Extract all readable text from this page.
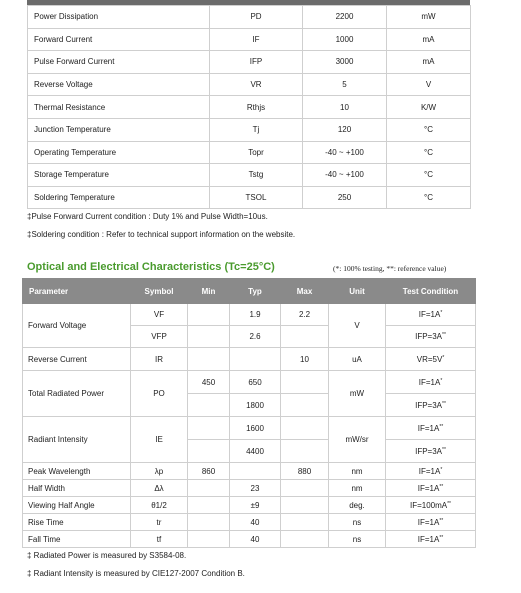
Power Dissipation	PD	2200	mW
Forward Current	IF	1000	mA
Pulse Forward Current	IFP	3000	mA
Reverse Voltage	VR	5	V
Thermal Resistance	Rthjs	10	K/W
Junction Temperature	Tj	120	°C
Operating Temperature	Topr	-40 ~ +100	°C
Storage Temperature	Tstg	-40 ~ +100	°C
Soldering Temperature	TSOL	250	°C
‡Pulse Forward Current condition : Duty 1% and Pulse Width=10us.
‡Soldering condition : Refer to technical support information on the website.
Optical and Electrical Characteristics (Tc=25°C)	(*: 100% testing, **: reference value)
Parameter	Symbol	Min	Typ	Max	Unit	Test Condition
Forward Voltage	VF		1.9	2.2	V	IF=1A*
	VFP		2.6			IFP=3A**
Reverse Current	IR			10	uA	VR=5V*
Total Radiated Power	PO	450	650		mW	IF=1A*
			1800			IFP=3A**
Radiant Intensity	IE		1600		mW/sr	IF=1A**
			4400			IFP=3A**
Peak Wavelength	λp	860		880	nm	IF=1A*
Half Width	Δλ		23		nm	IF=1A**
Viewing Half Angle	θ1/2		±9		deg.	IF=100mA**
Rise Time	tr		40		ns	IF=1A**
Fall Time	tf		40		ns	IF=1A**
‡ Radiated Power is measured by S3584-08.
‡ Radiant Intensity is measured by CIE127-2007 Condition B.
